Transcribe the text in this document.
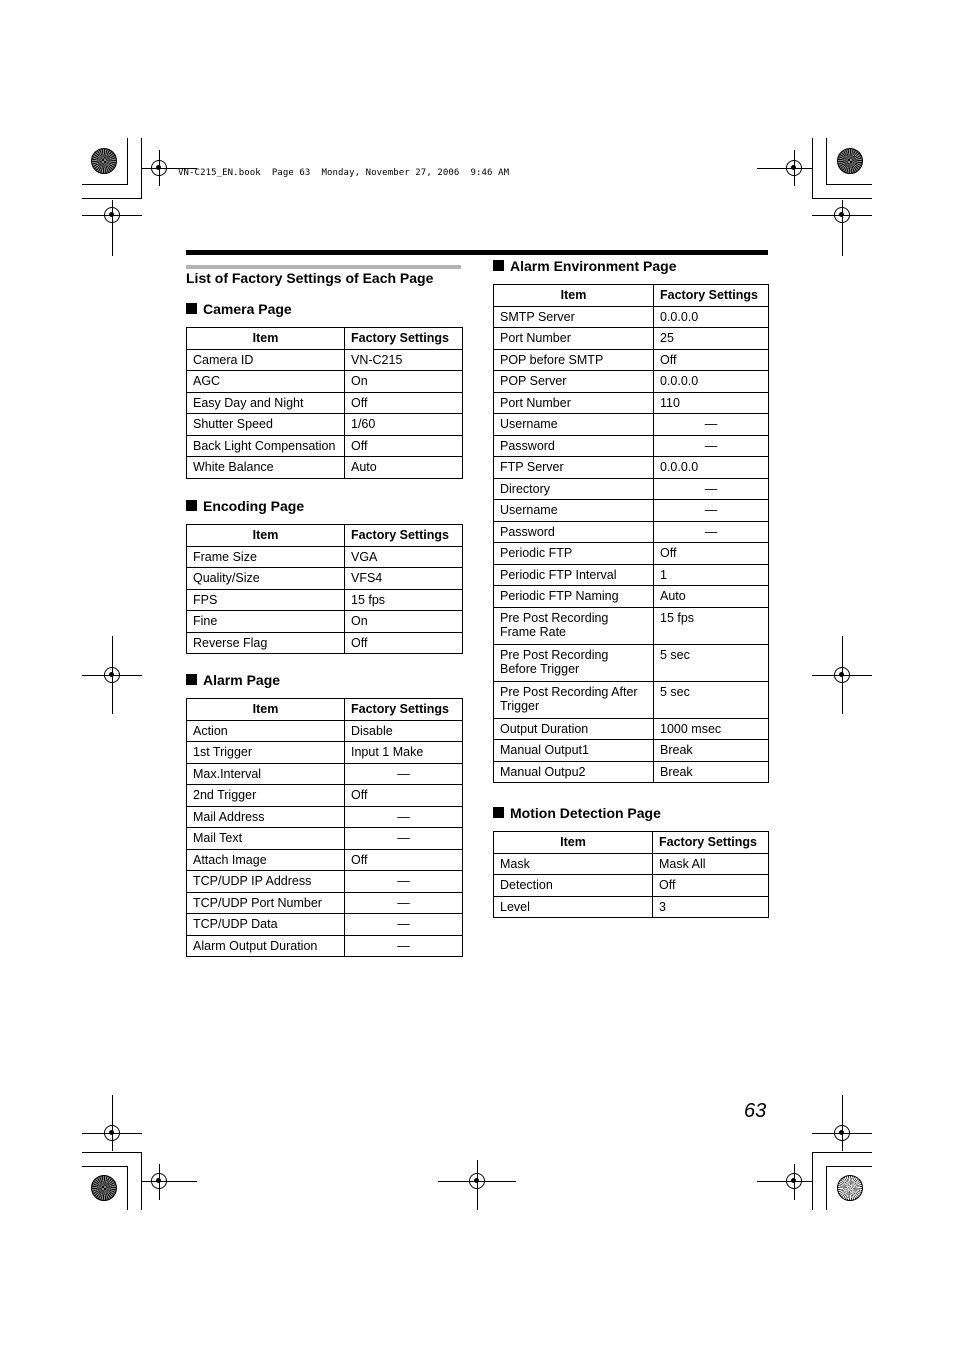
VN-C215_EN.book  Page 63  Monday, November 27, 2006  9:46 AM
List of Factory Settings of Each Page
Camera Page
Item	Factory Settings
Camera ID	VN-C215
AGC	On
Easy Day and Night	Off
Shutter Speed	1/60
Back Light Compensation	Off
White Balance	Auto
Encoding Page
Item	Factory Settings
Frame Size	VGA
Quality/Size	VFS4
FPS	15 fps
Fine	On
Reverse Flag	Off
Alarm Page
Item	Factory Settings
Action	Disable
1st Trigger	Input 1 Make
Max.Interval	—
2nd Trigger	Off
Mail Address	—
Mail Text	—
Attach Image	Off
TCP/UDP IP Address	—
TCP/UDP Port Number	—
TCP/UDP Data	—
Alarm Output Duration	—
Alarm Environment Page
Item	Factory Settings
SMTP Server	0.0.0.0
Port Number	25
POP before SMTP	Off
POP Server	0.0.0.0
Port Number	110
Username	—
Password	—
FTP Server	0.0.0.0
Directory	—
Username	—
Password	—
Periodic FTP	Off
Periodic FTP Interval	1
Periodic FTP Naming	Auto

Pre Post Recording
Frame Rate	15 fps

Pre Post Recording
Before Trigger	5 sec

Pre Post Recording After
Trigger	5 sec
Output Duration	1000 msec
Manual Output1	Break
Manual Outpu2	Break
Motion Detection Page
Item	Factory Settings
Mask	Mask All
Detection	Off
Level	3
63
